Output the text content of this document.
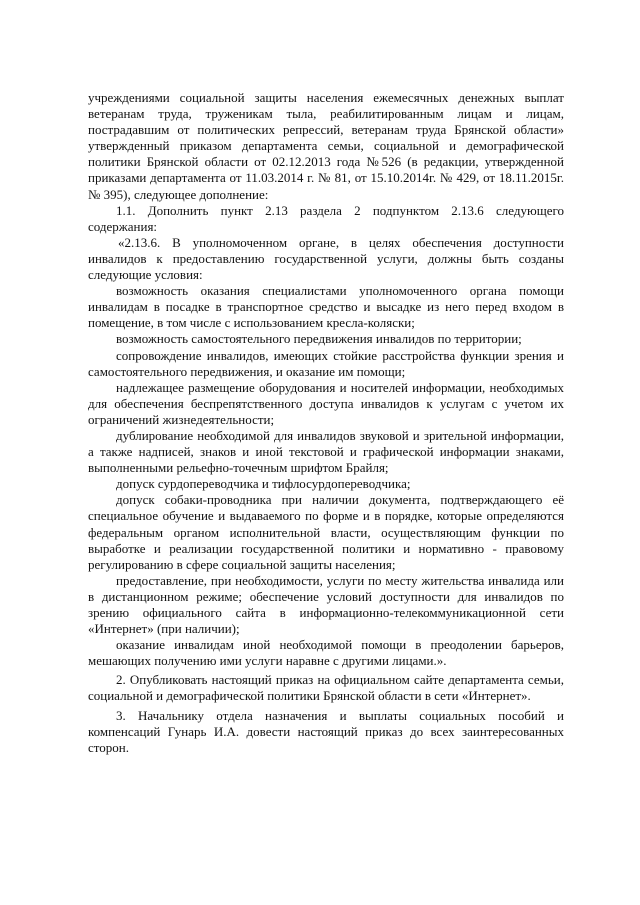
учреждениями социальной защиты населения ежемесячных денежных выплат ветеранам труда, труженикам тыла, реабилитированным лицам и лицам, пострадавшим от политических репрессий, ветеранам труда Брянской области» утвержденный приказом департамента семьи, социальной и демографической политики Брянской области от 02.12.2013 года №526 (в редакции, утвержденной приказами департамента от 11.03.2014 г. № 81, от 15.10.2014г. № 429, от 18.11.2015г. № 395), следующее дополнение:

1.1. Дополнить пункт 2.13 раздела 2 подпунктом 2.13.6 следующего содержания:

«2.13.6. В уполномоченном органе, в целях обеспечения доступности инвалидов к предоставлению государственной услуги, должны быть созданы следующие условия:

возможность оказания специалистами уполномоченного органа помощи инвалидам в посадке в транспортное средство и высадке из него перед входом в помещение, в том числе с использованием кресла-коляски;

возможность самостоятельного передвижения инвалидов по территории;

сопровождение инвалидов, имеющих стойкие расстройства функции зрения и самостоятельного передвижения, и оказание им помощи;

надлежащее размещение оборудования и носителей информации, необходимых для обеспечения беспрепятственного доступа инвалидов к услугам с учетом их ограничений жизнедеятельности;

дублирование необходимой для инвалидов звуковой и зрительной информации, а также надписей, знаков и иной текстовой и графической информации знаками, выполненными рельефно-точечным шрифтом Брайля;

допуск сурдопереводчика и тифлосурдопереводчика;

допуск собаки-проводника при наличии документа, подтверждающего её специальное обучение и выдаваемого по форме и в порядке, которые определяются федеральным органом исполнительной власти, осуществляющим функции по выработке и реализации государственной политики и нормативно - правовому регулированию в сфере социальной защиты населения;

предоставление, при необходимости, услуги по месту жительства инвалида или в дистанционном режиме; обеспечение условий доступности для инвалидов по зрению официального сайта в информационно-телекоммуникационной сети «Интернет» (при наличии);

оказание инвалидам иной необходимой помощи в преодолении барьеров, мешающих получению ими услуги наравне с другими лицами.».

2. Опубликовать настоящий приказ на официальном сайте департамента семьи, социальной и демографической политики Брянской области в сети «Интернет».

3. Начальнику отдела назначения и выплаты социальных пособий и компенсаций Гунарь И.А. довести настоящий приказ до всех заинтересованных сторон.
